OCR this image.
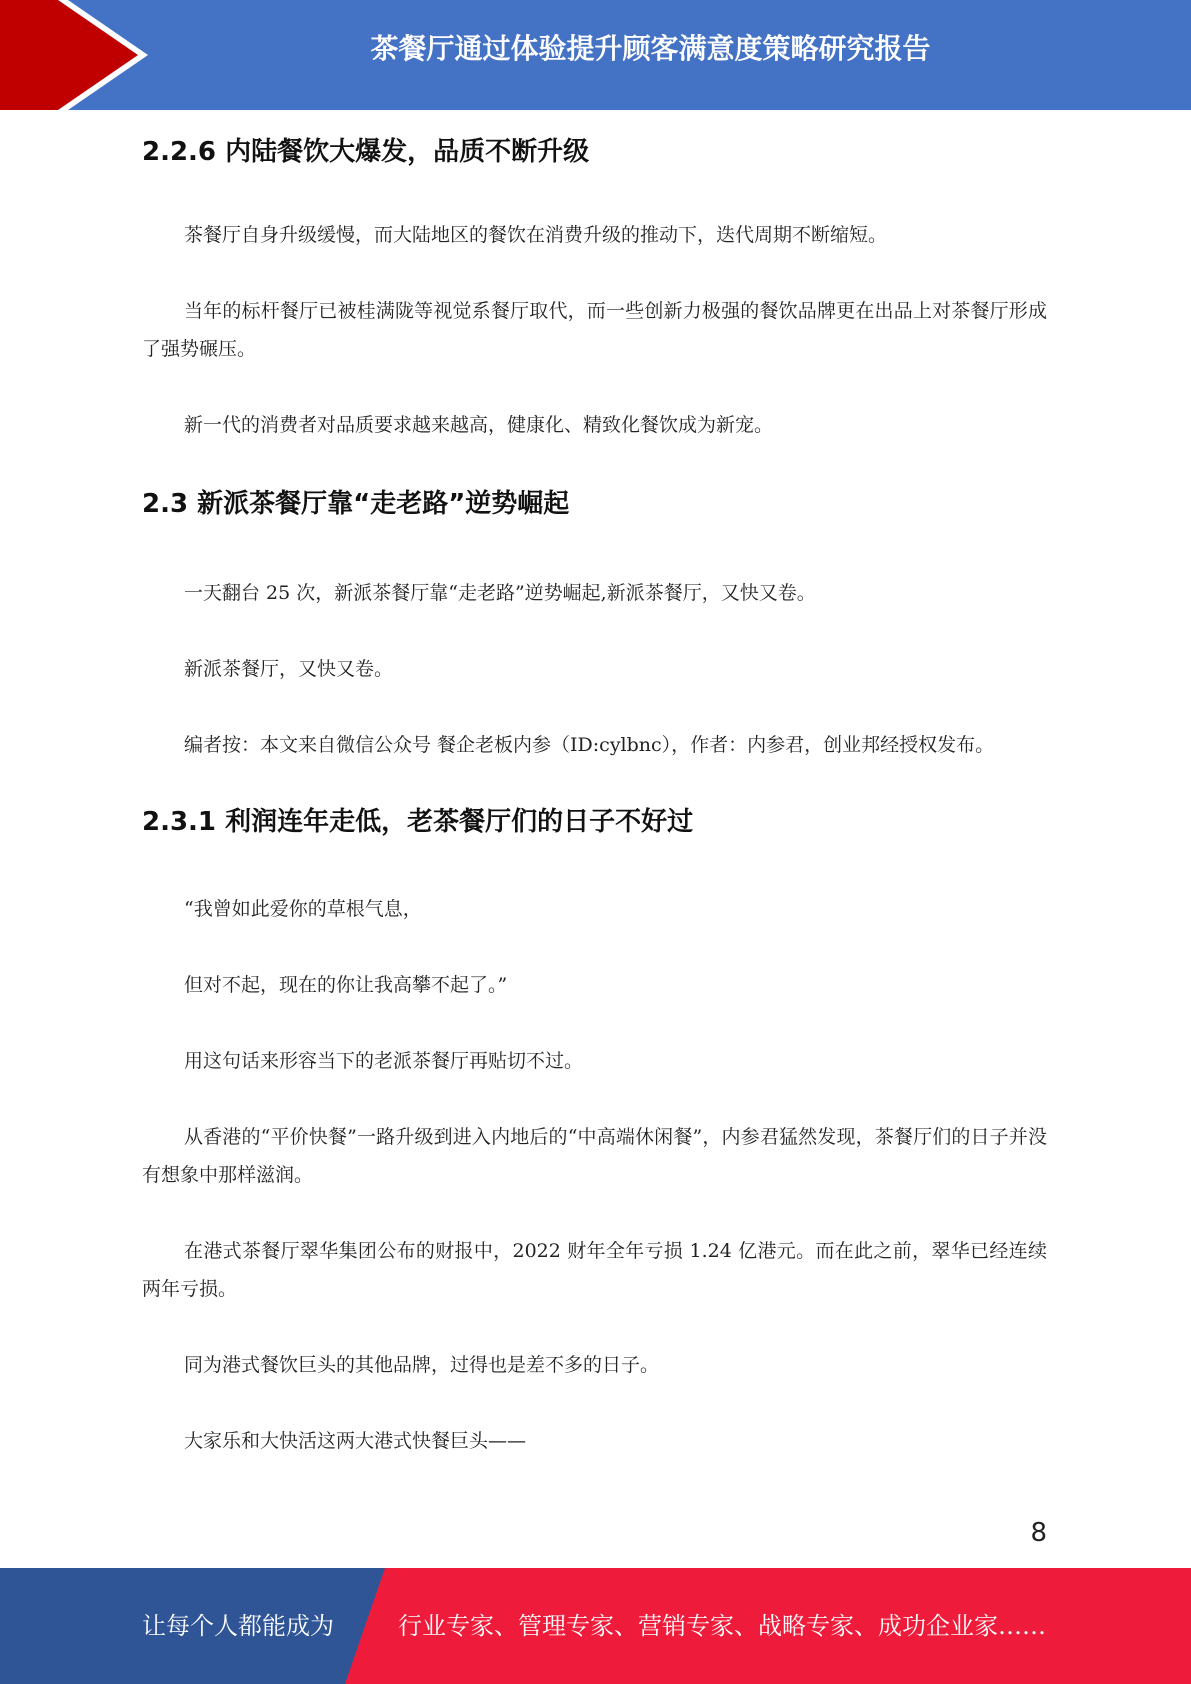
茶餐厅通过体验提升顾客满意度策略研究报告
2.2.6 内陆餐饮大爆发，品质不断升级

茶餐厅自身升级缓慢，而大陆地区的餐饮在消费升级的推动下，迭代周期不断缩短。

当年的标杆餐厅已被桂满陇等视觉系餐厅取代，而一些创新力极强的餐饮品牌更在出品上对茶餐厅形成了强势碾压。

新一代的消费者对品质要求越来越高，健康化、精致化餐饮成为新宠。

2.3 新派茶餐厅靠“走老路”逆势崛起

一天翻台 25 次，新派茶餐厅靠“走老路”逆势崛起,新派茶餐厅，又快又卷。

新派茶餐厅，又快又卷。

编者按：本文来自微信公众号 餐企老板内参（ID:cylbnc），作者：内参君，创业邦经授权发布。

2.3.1 利润连年走低，老茶餐厅们的日子不好过

“我曾如此爱你的草根气息，

但对不起，现在的你让我高攀不起了。”

用这句话来形容当下的老派茶餐厅再贴切不过。

从香港的“平价快餐”一路升级到进入内地后的“中高端休闲餐”，内参君猛然发现，茶餐厅们的日子并没有想象中那样滋润。

在港式茶餐厅翠华集团公布的财报中，2022 财年全年亏损 1.24 亿港元。而在此之前，翠华已经连续两年亏损。

同为港式餐饮巨头的其他品牌，过得也是差不多的日子。

大家乐和大快活这两大港式快餐巨头——

8
让每个人都能成为	行业专家、管理专家、营销专家、战略专家、成功企业家……
